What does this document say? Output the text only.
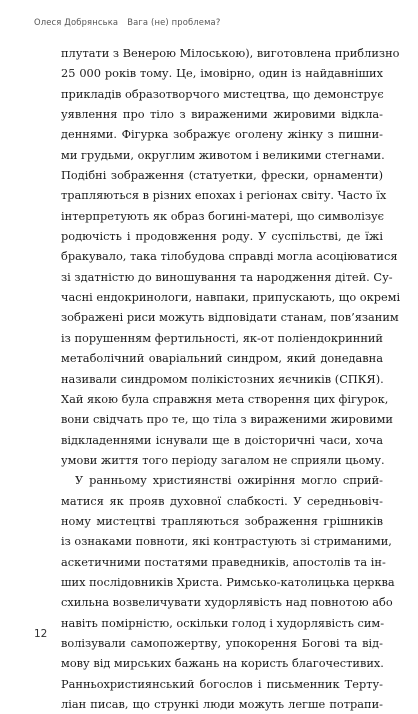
Олеся Добрянська Вага (не) проблема?
плутати з Венерою Мілоською), виготовлена приблизно
25 000 років тому. Це, імовірно, один із найдавніших
прикладів образотворчого мистецтва, що демонструє
уявлення про тіло з вираженими жировими відкла-
деннями. Фігурка зображує оголену жінку з пишни-
ми грудьми, округлим животом і великими стегнами.
Подібні зображення (статуетки, фрески, орнаменти)
трапляються в різних епохах і регіонах світу. Часто їх
інтерпретують як образ богині-матері, що символізує
родючість і продовження роду. У суспільстві, де їжі
бракувало, така тілобудова справді могла асоціюватися
зі здатністю до виношування та народження дітей. Су-
часні ендокринологи, навпаки, припускають, що окремі
зображені риси можуть відповідати станам, пов’язаним
із порушенням фертильності, як-от поліендокринний
метаболічний оваріальний синдром, який донедавна
називали синдромом полікістозних яєчників (СПКЯ).
Хай якою була справжня мета створення цих фігурок,
вони свідчать про те, що тіла з вираженими жировими
відкладеннями існували ще в доісторичні часи, хоча
умови життя того періоду загалом не сприяли цьому.
У ранньому християнстві ожиріння могло сприй-
матися як прояв духовної слабкості. У середньовіч-
ному мистецтві трапляються зображення грішників
із ознаками повноти, які контрастують зі стриманими,
аскетичними постатями праведників, апостолів та ін-
ших послідовників Христа. Римсько-католицька церква
схильна возвеличувати худорлявість над повнотою або
навіть помірністю, оскільки голод і худорлявість сим-
волізували самопожертву, упокорення Богові та від-
мову від мирських бажань на користь благочестивих.
Ранньохристиянський богослов і письменник Терту-
ліан писав, що стрункі люди можуть легше потрапи-
12
